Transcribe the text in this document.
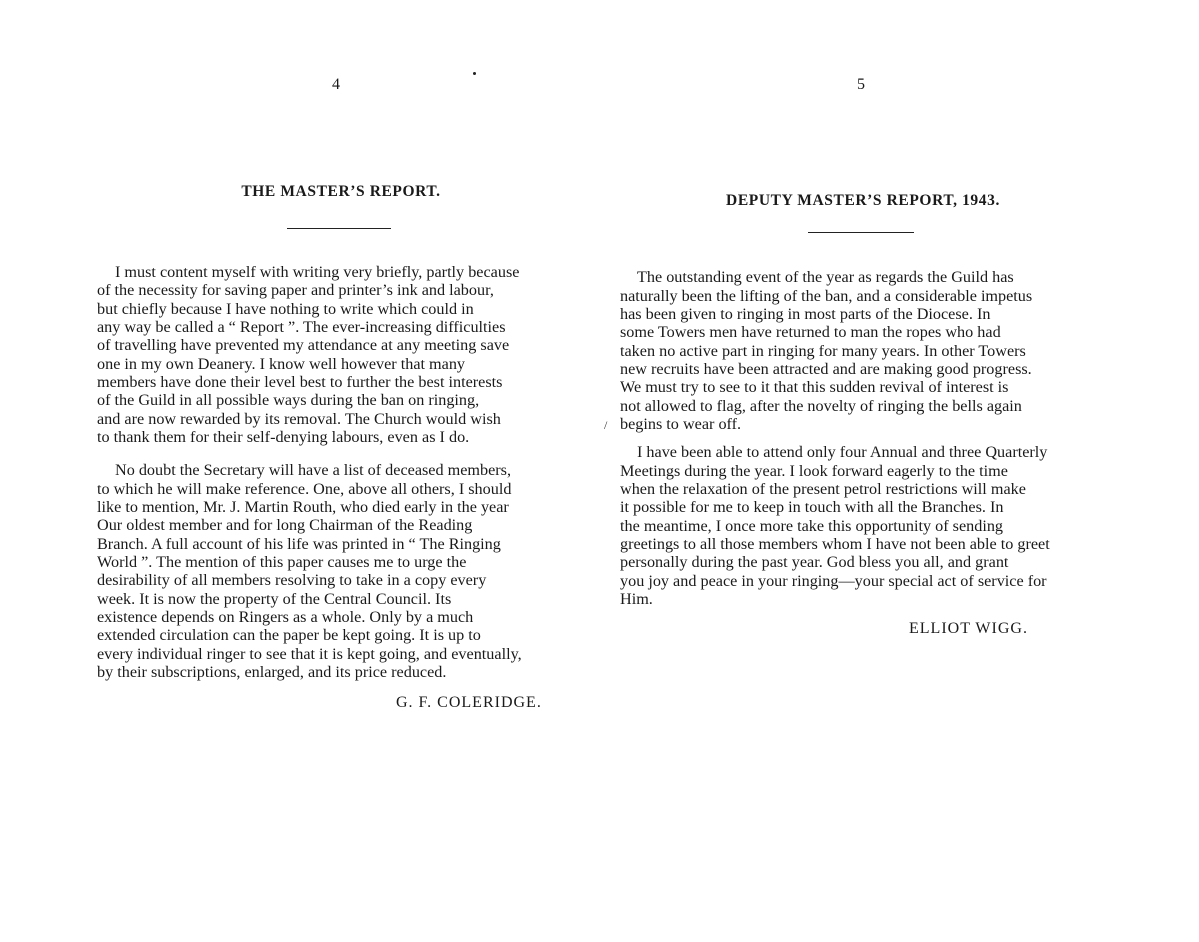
4
THE MASTER’S REPORT.
I must content myself with writing very briefly, partly because
of the necessity for saving paper and printer’s ink and labour,
but chiefly because I have nothing to write which could in
any way be called a “ Report ”. The ever-increasing difficulties
of travelling have prevented my attendance at any meeting save
one in my own Deanery. I know well however that many
members have done their level best to further the best interests
of the Guild in all possible ways during the ban on ringing,
and are now rewarded by its removal. The Church would wish
to thank them for their self-denying labours, even as I do.
No doubt the Secretary will have a list of deceased members,
to which he will make reference. One, above all others, I should
like to mention, Mr. J. Martin Routh, who died early in the year
Our oldest member and for long Chairman of the Reading
Branch. A full account of his life was printed in “ The Ringing
World ”. The mention of this paper causes me to urge the
desirability of all members resolving to take in a copy every
week. It is now the property of the Central Council. Its
existence depends on Ringers as a whole. Only by a much
extended circulation can the paper be kept going. It is up to
every individual ringer to see that it is kept going, and eventually,
by their subscriptions, enlarged, and its price reduced.
G. F. COLERIDGE.
5
DEPUTY MASTER’S REPORT, 1943.
/
The outstanding event of the year as regards the Guild has
naturally been the lifting of the ban, and a considerable impetus
has been given to ringing in most parts of the Diocese. In
some Towers men have returned to man the ropes who had
taken no active part in ringing for many years. In other Towers
new recruits have been attracted and are making good progress.
We must try to see to it that this sudden revival of interest is
not allowed to flag, after the novelty of ringing the bells again
begins to wear off.
I have been able to attend only four Annual and three Quarterly
Meetings during the year. I look forward eagerly to the time
when the relaxation of the present petrol restrictions will make
it possible for me to keep in touch with all the Branches. In
the meantime, I once more take this opportunity of sending
greetings to all those members whom I have not been able to greet
personally during the past year. God bless you all, and grant
you joy and peace in your ringing—your special act of service for
Him.
ELLIOT WIGG.
